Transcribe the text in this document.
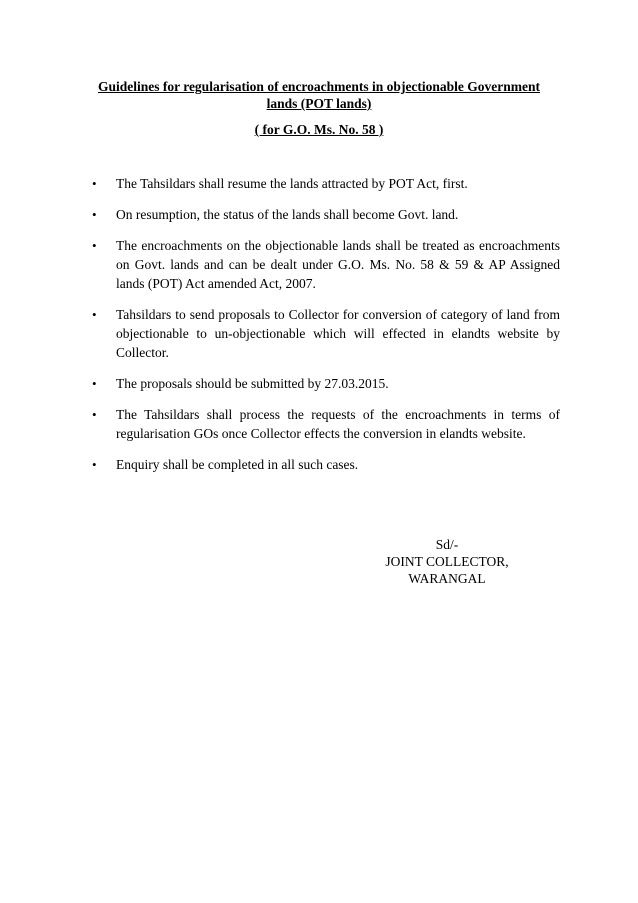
Guidelines for regularisation of encroachments in objectionable Government
lands (POT lands)
( for G.O. Ms. No. 58 )
• The Tahsildars shall resume the lands attracted by POT Act, first.
• On resumption, the status of the lands shall become Govt. land.
• The encroachments on the objectionable lands shall be treated as encroachments on Govt. lands and can be dealt under G.O. Ms. No. 58 & 59 & AP Assigned lands (POT) Act amended Act, 2007.
• Tahsildars to send proposals to Collector for conversion of category of land from objectionable to un-objectionable which will effected in elandts website by Collector.
• The proposals should be submitted by 27.03.2015.
• The Tahsildars shall process the requests of the encroachments in terms of regularisation GOs once Collector effects the conversion in elandts website.
• Enquiry shall be completed in all such cases.
Sd/-
JOINT COLLECTOR,
WARANGAL
